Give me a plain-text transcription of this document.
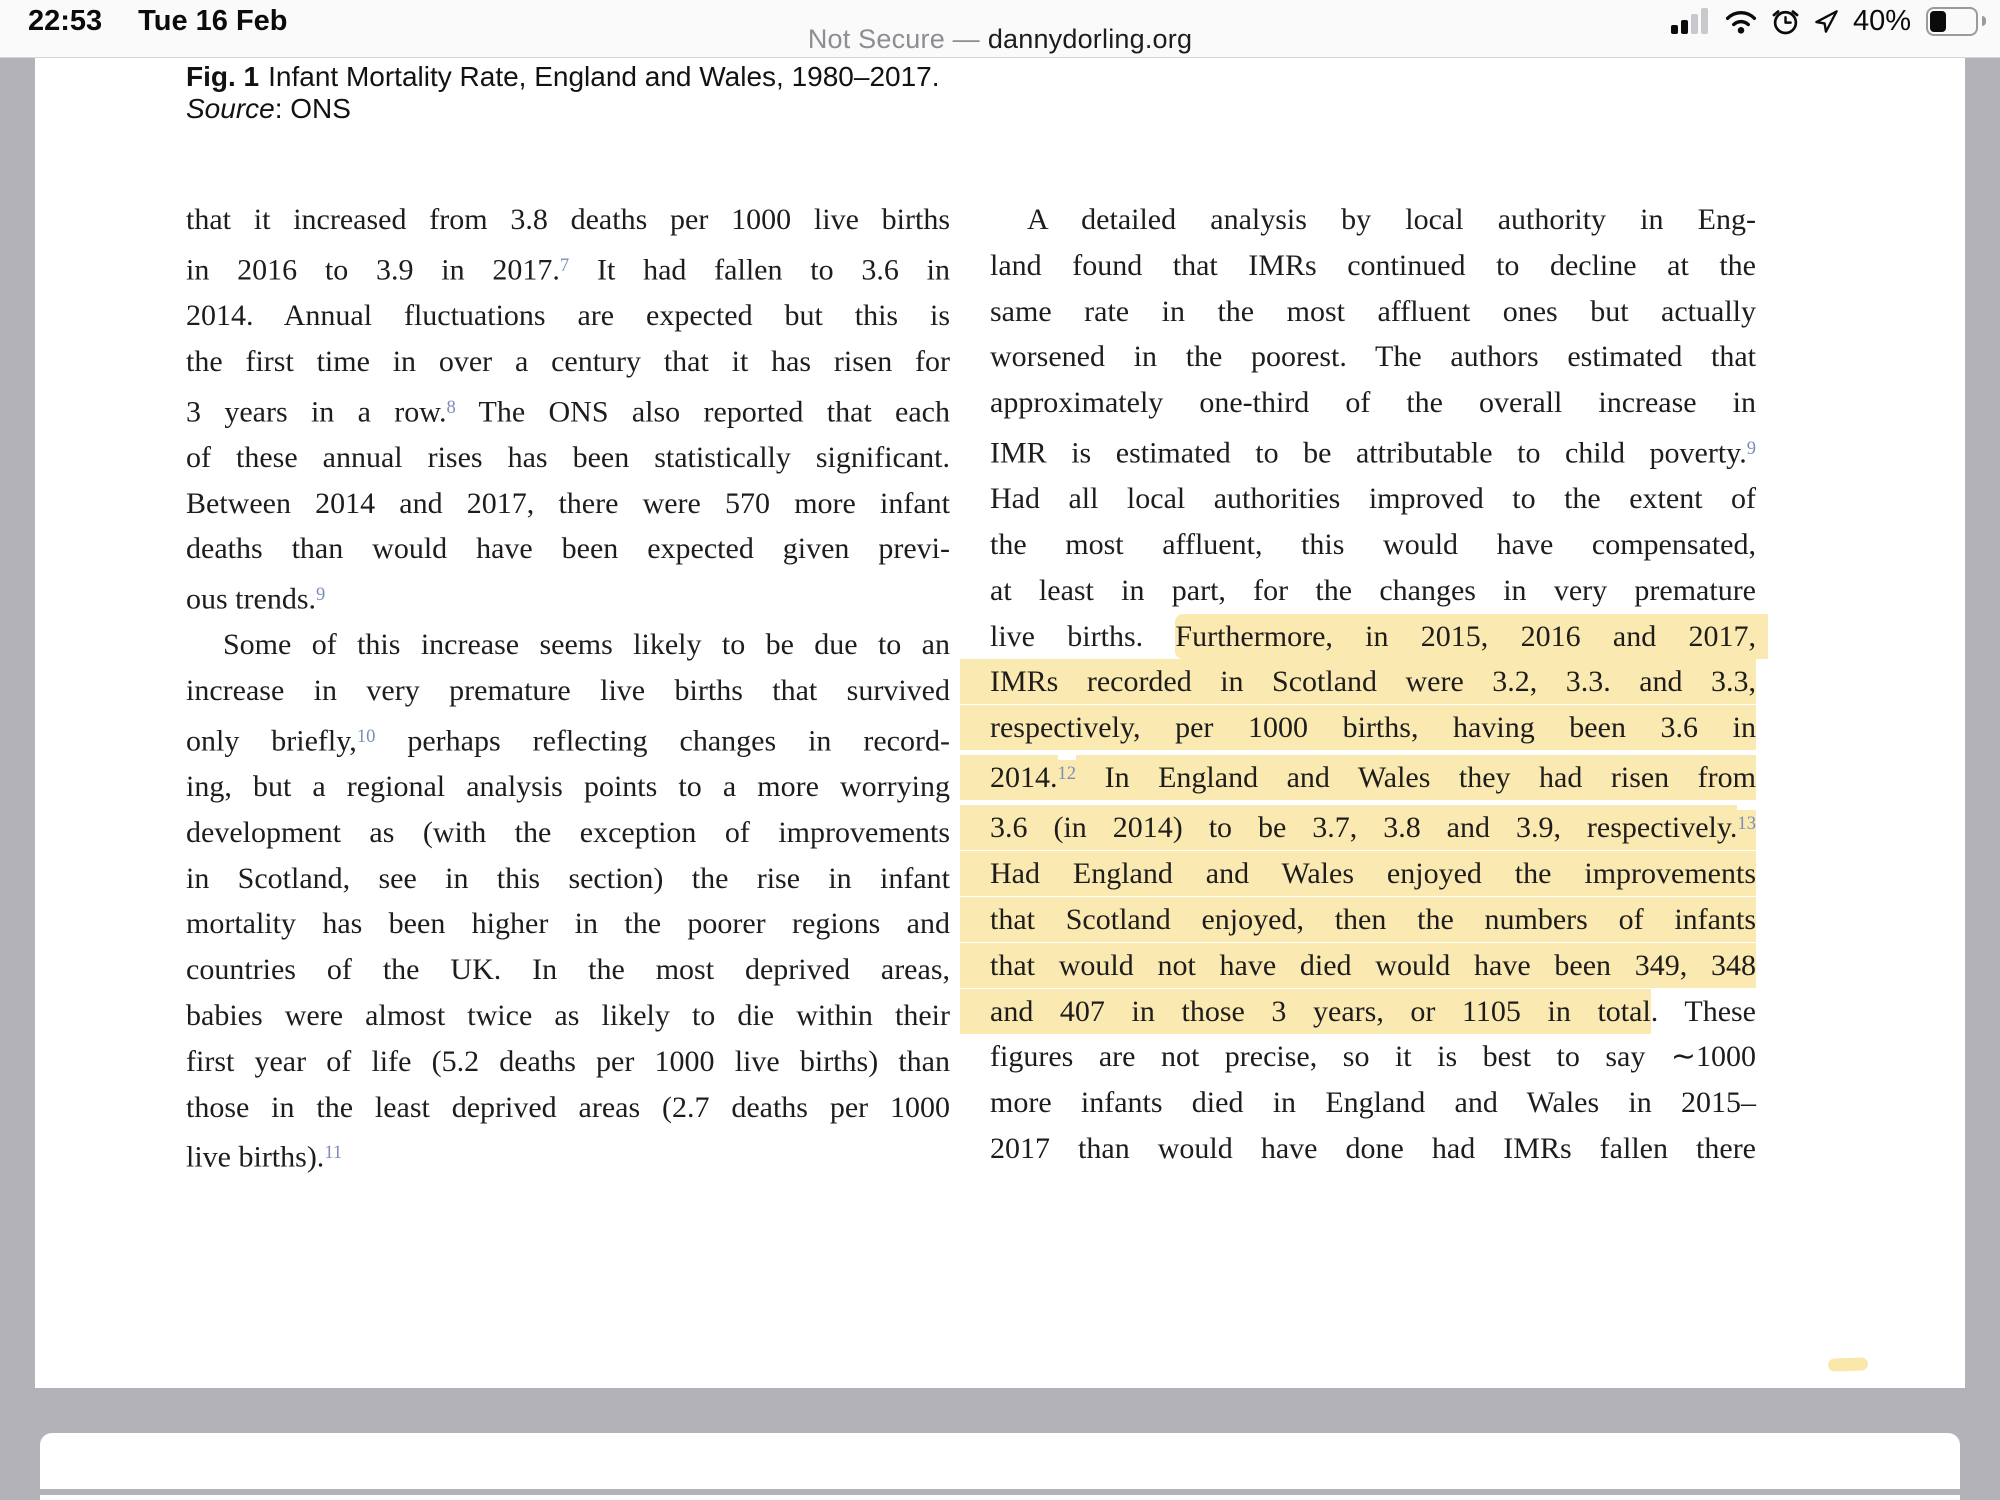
Fig. 1 Infant Mortality Rate, England and Wales, 1980–2017.
Source: ONS
that it increased from 3.8 deaths per 1000 live births
in 2016 to 3.9 in 2017.$^7$ It had fallen to 3.6 in
2014. Annual fluctuations are expected but this is
the first time in over a century that it has risen for
3 years in a row.$^8$ The ONS also reported that each
of these annual rises has been statistically significant.
Between 2014 and 2017, there were 570 more infant
deaths than would have been expected given previ-
ous trends.$^9$
Some of this increase seems likely to be due to an
increase in very premature live births that survived
only briefly,$^{10}$ perhaps reflecting changes in record-
ing, but a regional analysis points to a more worrying
development as (with the exception of improvements
in Scotland, see in this section) the rise in infant
mortality has been higher in the poorer regions and
countries of the UK. In the most deprived areas,
babies were almost twice as likely to die within their
first year of life (5.2 deaths per 1000 live births) than
those in the least deprived areas (2.7 deaths per 1000
live births).$^{11}$
A detailed analysis by local authority in Eng-
land found that IMRs continued to decline at the
same rate in the most affluent ones but actually
worsened in the poorest. The authors estimated that
approximately one-third of the overall increase in
IMR is estimated to be attributable to child poverty.$^9$
Had all local authorities improved to the extent of
the most affluent, this would have compensated,
at least in part, for the changes in very premature
live births. Furthermore, in 2015, 2016 and 2017,
IMRs recorded in Scotland were 3.2, 3.3. and 3.3,
respectively, per 1000 births, having been 3.6 in
2014.12 In England and Wales they had risen from
3.6 (in 2014) to be 3.7, 3.8 and 3.9, respectively.$^{13}$
Had England and Wales enjoyed the improvements
that Scotland enjoyed, then the numbers of infants
that would not have died would have been 349, 348
and 407 in those 3 years, or 1105 in total. These
figures are not precise, so it is best to say ∼1000
more infants died in England and Wales in 2015–
2017 than would have done had IMRs fallen there
22:53 Tue 16 Feb
Not Secure — dannydorling.org
40%
